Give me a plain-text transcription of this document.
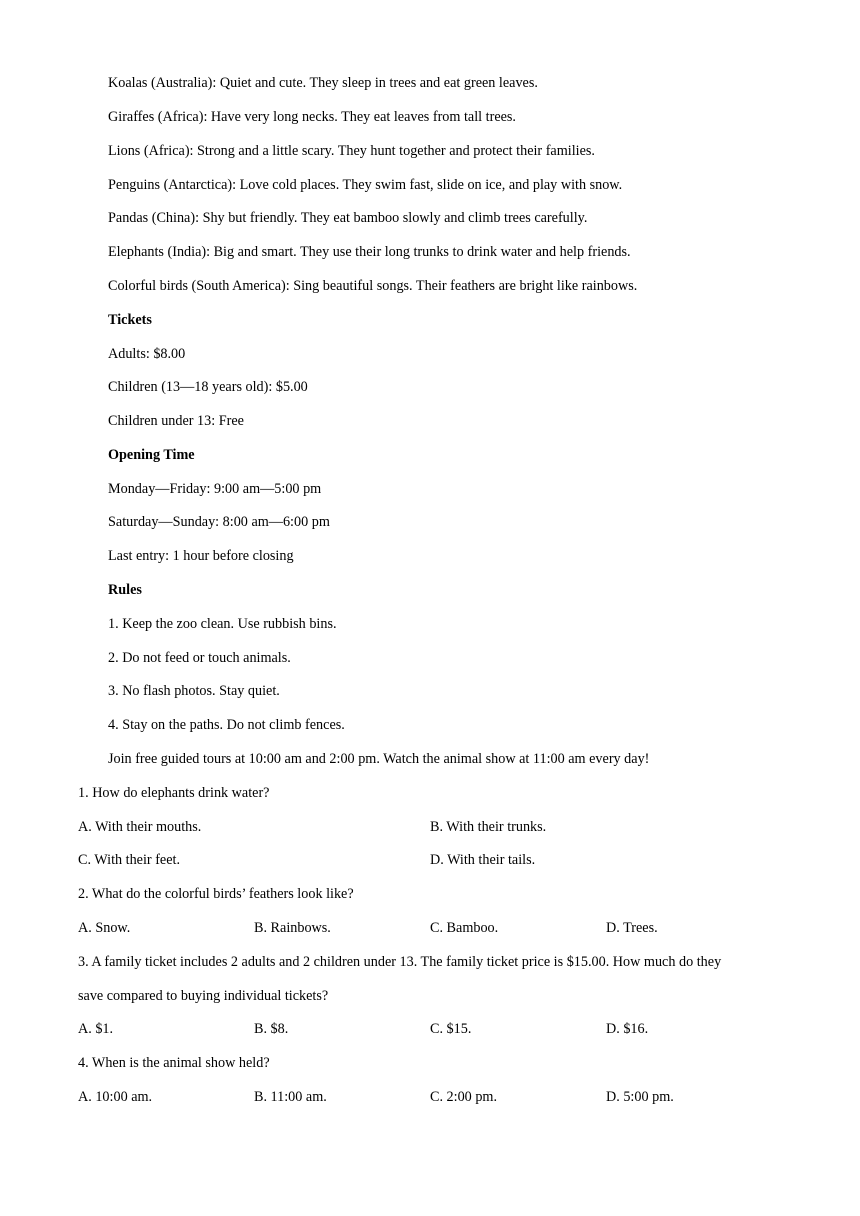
Koalas (Australia): Quiet and cute. They sleep in trees and eat green leaves.
Giraffes (Africa): Have very long necks. They eat leaves from tall trees.
Lions (Africa): Strong and a little scary. They hunt together and protect their families.
Penguins (Antarctica): Love cold places. They swim fast, slide on ice, and play with snow.
Pandas (China): Shy but friendly. They eat bamboo slowly and climb trees carefully.
Elephants (India): Big and smart. They use their long trunks to drink water and help friends.
Colorful birds (South America): Sing beautiful songs. Their feathers are bright like rainbows.
Tickets
Adults: $8.00
Children (13—18 years old): $5.00
Children under 13: Free
Opening Time
Monday—Friday: 9:00 am—5:00 pm
Saturday—Sunday: 8:00 am—6:00 pm
Last entry: 1 hour before closing
Rules
1. Keep the zoo clean. Use rubbish bins.
2. Do not feed or touch animals.
3. No flash photos. Stay quiet.
4. Stay on the paths. Do not climb fences.
Join free guided tours at 10:00 am and 2:00 pm. Watch the animal show at 11:00 am every day!
1. How do elephants drink water?
A. With their mouths.	B. With their trunks.
C. With their feet.	D. With their tails.
2. What do the colorful birds’ feathers look like?
A. Snow.	B. Rainbows.	C. Bamboo.	D. Trees.
3. A family ticket includes 2 adults and 2 children under 13. The family ticket price is $15.00. How much do they
save compared to buying individual tickets?
A. $1.	B. $8.	C. $15.	D. $16.
4. When is the animal show held?
A. 10:00 am.	B. 11:00 am.	C. 2:00 pm.	D. 5:00 pm.
